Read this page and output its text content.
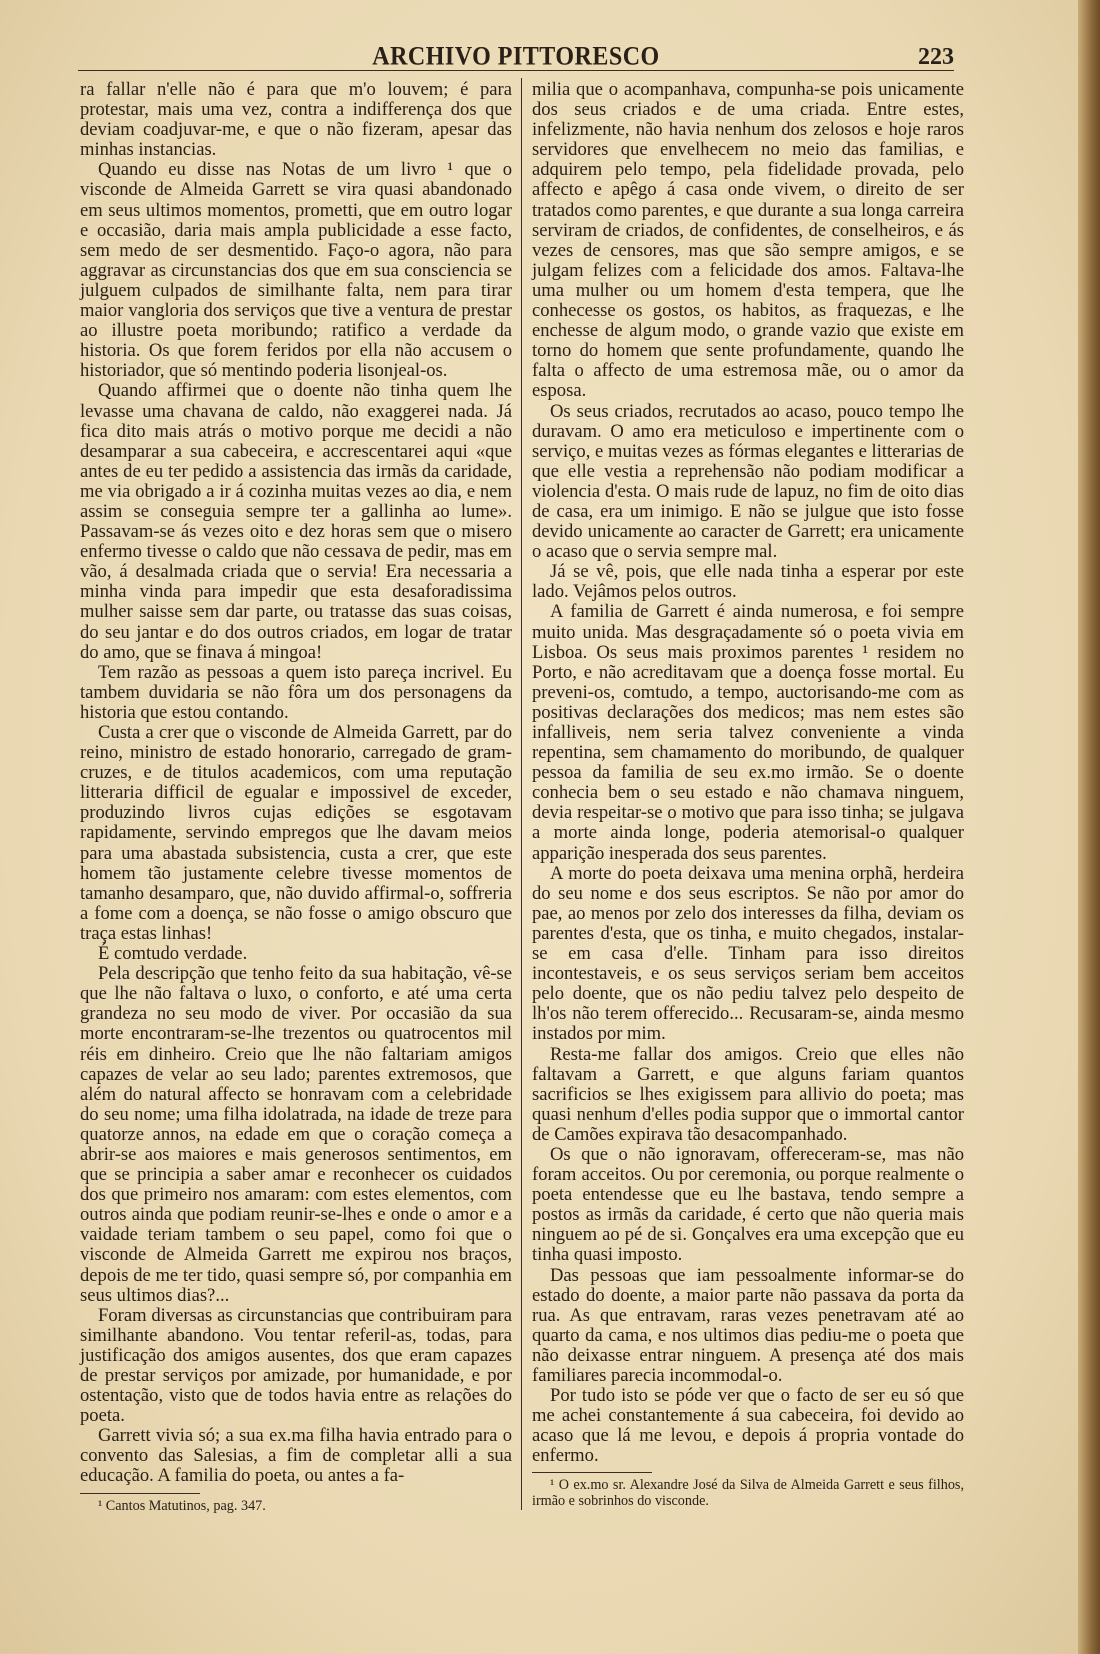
ARCHIVO PITTORESCO	223

ra fallar n'elle não é para que m'o louvem; é para protestar, mais uma vez, contra a indifferença dos que deviam coadjuvar-me, e que o não fizeram, apesar das minhas instancias.

Quando eu disse nas Notas de um livro ¹ que o visconde de Almeida Garrett se vira quasi abandonado em seus ultimos momentos, prometti, que em outro logar e occasião, daria mais ampla publicidade a esse facto, sem medo de ser desmentido. Faço-o agora, não para aggravar as circunstancias dos que em sua consciencia se julguem culpados de similhante falta, nem para tirar maior vangloria dos serviços que tive a ventura de prestar ao illustre poeta moribundo; ratifico a verdade da historia. Os que forem feridos por ella não accusem o historiador, que só mentindo poderia lisonjeal-os.

Quando affirmei que o doente não tinha quem lhe levasse uma chavana de caldo, não exaggerei nada. Já fica dito mais atrás o motivo porque me decidi a não desamparar a sua cabeceira, e accrescentarei aqui «que antes de eu ter pedido a assistencia das irmãs da caridade, me via obrigado a ir á cozinha muitas vezes ao dia, e nem assim se conseguia sempre ter a gallinha ao lume». Passavam-se ás vezes oito e dez horas sem que o misero enfermo tivesse o caldo que não cessava de pedir, mas em vão, á desalmada criada que o servia! Era necessaria a minha vinda para impedir que esta desaforadissima mulher saisse sem dar parte, ou tratasse das suas coisas, do seu jantar e do dos outros criados, em logar de tratar do amo, que se finava á mingoa!

Tem razão as pessoas a quem isto pareça incrivel. Eu tambem duvidaria se não fôra um dos personagens da historia que estou contando.

Custa a crer que o visconde de Almeida Garrett, par do reino, ministro de estado honorario, carregado de gram-cruzes, e de titulos academicos, com uma reputação litteraria difficil de egualar e impossivel de exceder, produzindo livros cujas edições se esgotavam rapidamente, servindo empregos que lhe davam meios para uma abastada subsistencia, custa a crer, que este homem tão justamente celebre tivesse momentos de tamanho desamparo, que, não duvido affirmal-o, soffreria a fome com a doença, se não fosse o amigo obscuro que traça estas linhas!

É comtudo verdade.

Pela descripção que tenho feito da sua habitação, vê-se que lhe não faltava o luxo, o conforto, e até uma certa grandeza no seu modo de viver. Por occasião da sua morte encontraram-se-lhe trezentos ou quatrocentos mil réis em dinheiro. Creio que lhe não faltariam amigos capazes de velar ao seu lado; parentes extremosos, que além do natural affecto se honravam com a celebridade do seu nome; uma filha idolatrada, na idade de treze para quatorze annos, na edade em que o coração começa a abrir-se aos maiores e mais generosos sentimentos, em que se principia a saber amar e reconhecer os cuidados dos que primeiro nos amaram: com estes elementos, com outros ainda que podiam reunir-se-lhes e onde o amor e a vaidade teriam tambem o seu papel, como foi que o visconde de Almeida Garrett me expirou nos braços, depois de me ter tido, quasi sempre só, por companhia em seus ultimos dias?...

Foram diversas as circunstancias que contribuiram para similhante abandono. Vou tentar referil-as, todas, para justificação dos amigos ausentes, dos que eram capazes de prestar serviços por amizade, por humanidade, e por ostentação, visto que de todos havia entre as relações do poeta.

Garrett vivia só; a sua ex.ma filha havia entrado para o convento das Salesias, a fim de completar alli a sua educação. A familia do poeta, ou antes a fa-

¹ Cantos Matutinos, pag. 347.

milia que o acompanhava, compunha-se pois unicamente dos seus criados e de uma criada. Entre estes, infelizmente, não havia nenhum dos zelosos e hoje raros servidores que envelhecem no meio das familias, e adquirem pelo tempo, pela fidelidade provada, pelo affecto e apêgo á casa onde vivem, o direito de ser tratados como parentes, e que durante a sua longa carreira serviram de criados, de confidentes, de conselheiros, e ás vezes de censores, mas que são sempre amigos, e se julgam felizes com a felicidade dos amos. Faltava-lhe uma mulher ou um homem d'esta tempera, que lhe conhecesse os gostos, os habitos, as fraquezas, e lhe enchesse de algum modo, o grande vazio que existe em torno do homem que sente profundamente, quando lhe falta o affecto de uma estremosa mãe, ou o amor da esposa.

Os seus criados, recrutados ao acaso, pouco tempo lhe duravam. O amo era meticuloso e impertinente com o serviço, e muitas vezes as fórmas elegantes e litterarias de que elle vestia a reprehensão não podiam modificar a violencia d'esta. O mais rude de lapuz, no fim de oito dias de casa, era um inimigo. E não se julgue que isto fosse devido unicamente ao caracter de Garrett; era unicamente o acaso que o servia sempre mal.

Já se vê, pois, que elle nada tinha a esperar por este lado. Vejâmos pelos outros.

A familia de Garrett é ainda numerosa, e foi sempre muito unida. Mas desgraçadamente só o poeta vivia em Lisboa. Os seus mais proximos parentes ¹ residem no Porto, e não acreditavam que a doença fosse mortal. Eu preveni-os, comtudo, a tempo, auctorisando-me com as positivas declarações dos medicos; mas nem estes são infalliveis, nem seria talvez conveniente a vinda repentina, sem chamamento do moribundo, de qualquer pessoa da familia de seu ex.mo irmão. Se o doente conhecia bem o seu estado e não chamava ninguem, devia respeitar-se o motivo que para isso tinha; se julgava a morte ainda longe, poderia atemorisal-o qualquer apparição inesperada dos seus parentes.

A morte do poeta deixava uma menina orphã, herdeira do seu nome e dos seus escriptos. Se não por amor do pae, ao menos por zelo dos interesses da filha, deviam os parentes d'esta, que os tinha, e muito chegados, instalar-se em casa d'elle. Tinham para isso direitos incontestaveis, e os seus serviços seriam bem acceitos pelo doente, que os não pediu talvez pelo despeito de lh'os não terem offerecido... Recusaram-se, ainda mesmo instados por mim.

Resta-me fallar dos amigos. Creio que elles não faltavam a Garrett, e que alguns fariam quantos sacrificios se lhes exigissem para allivio do poeta; mas quasi nenhum d'elles podia suppor que o immortal cantor de Camões expirava tão desacompanhado.

Os que o não ignoravam, offereceram-se, mas não foram acceitos. Ou por ceremonia, ou porque realmente o poeta entendesse que eu lhe bastava, tendo sempre a postos as irmãs da caridade, é certo que não queria mais ninguem ao pé de si. Gonçalves era uma excepção que eu tinha quasi imposto.

Das pessoas que iam pessoalmente informar-se do estado do doente, a maior parte não passava da porta da rua. As que entravam, raras vezes penetravam até ao quarto da cama, e nos ultimos dias pediu-me o poeta que não deixasse entrar ninguem. A presença até dos mais familiares parecia incommodal-o.

Por tudo isto se póde ver que o facto de ser eu só que me achei constantemente á sua cabeceira, foi devido ao acaso que lá me levou, e depois á propria vontade do enfermo.

¹ O ex.mo sr. Alexandre José da Silva de Almeida Garrett e seus filhos, irmão e sobrinhos do visconde.
